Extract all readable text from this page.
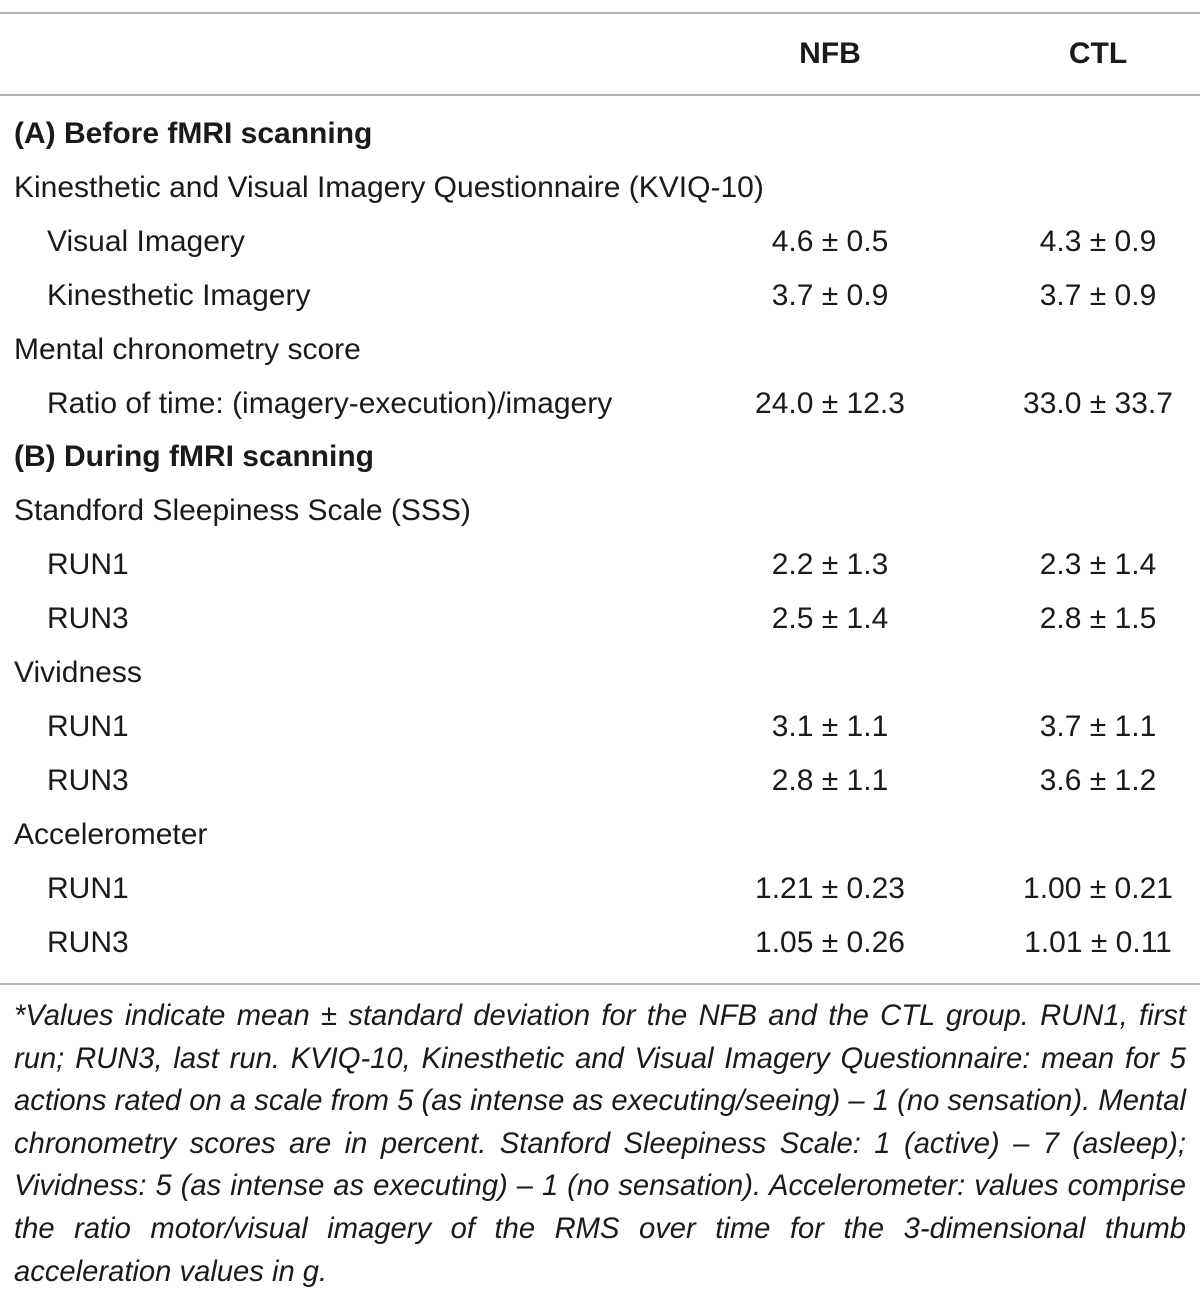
NFB	CTL
(A) Before fMRI scanning
Kinesthetic and Visual Imagery Questionnaire (KVIQ-10)
Visual Imagery	4.6 ± 0.5	4.3 ± 0.9
Kinesthetic Imagery	3.7 ± 0.9	3.7 ± 0.9
Mental chronometry score
Ratio of time: (imagery-execution)/imagery	24.0 ± 12.3	33.0 ± 33.7
(B) During fMRI scanning
Standford Sleepiness Scale (SSS)
RUN1	2.2 ± 1.3	2.3 ± 1.4
RUN3	2.5 ± 1.4	2.8 ± 1.5
Vividness
RUN1	3.1 ± 1.1	3.7 ± 1.1
RUN3	2.8 ± 1.1	3.6 ± 1.2
Accelerometer
RUN1	1.21 ± 0.23	1.00 ± 0.21
RUN3	1.05 ± 0.26	1.01 ± 0.11
*Values indicate mean ± standard deviation for the NFB and the CTL group. RUN1, first run; RUN3, last run. KVIQ-10, Kinesthetic and Visual Imagery Questionnaire: mean for 5 actions rated on a scale from 5 (as intense as executing/seeing) – 1 (no sensation). Mental chronometry scores are in percent. Stanford Sleepiness Scale: 1 (active) – 7 (asleep); Vividness: 5 (as intense as executing) – 1 (no sensation). Accelerometer: values comprise the ratio motor/visual imagery of the RMS over time for the 3-dimensional thumb acceleration values in g.
